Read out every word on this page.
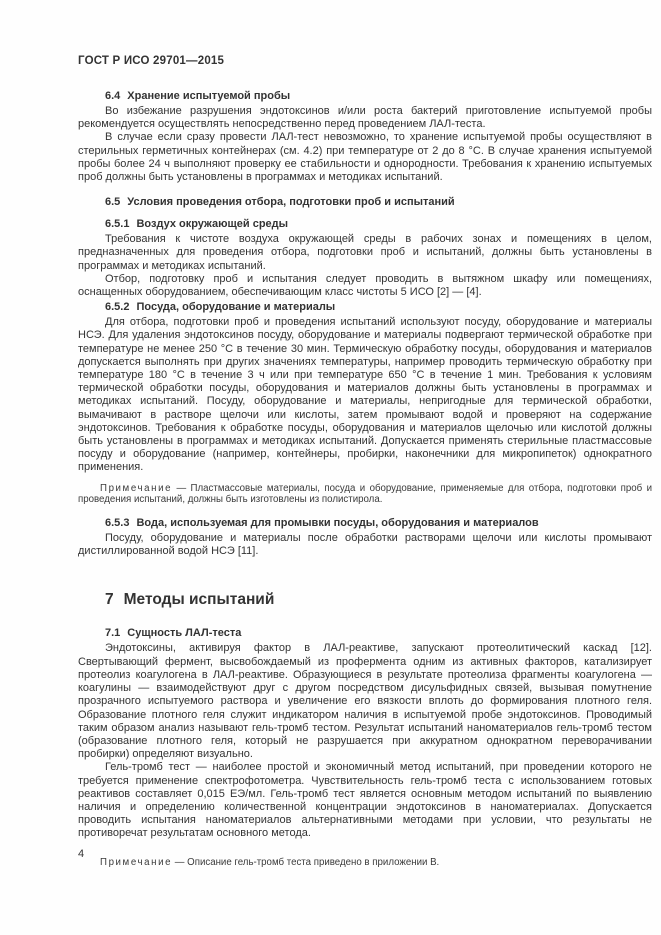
ГОСТ Р ИСО 29701—2015

6.4 Хранение испытуемой пробы

Во избежание разрушения эндотоксинов и/или роста бактерий приготовление испытуемой пробы рекомендуется осуществлять непосредственно перед проведением ЛАЛ-теста.

В случае если сразу провести ЛАЛ-тест невозможно, то хранение испытуемой пробы осуществляют в стерильных герметичных контейнерах (см. 4.2) при температуре от 2 до 8 °С. В случае хранения испытуемой пробы более 24 ч выполняют проверку ее стабильности и однородности. Требования к хранению испытуемых проб должны быть установлены в программах и методиках испытаний.

6.5 Условия проведения отбора, подготовки проб и испытаний
6.5.1 Воздух окружающей среды

Требования к чистоте воздуха окружающей среды в рабочих зонах и помещениях в целом, предназначенных для проведения отбора, подготовки проб и испытаний, должны быть установлены в программах и методиках испытаний.

Отбор, подготовку проб и испытания следует проводить в вытяжном шкафу или помещениях, оснащенных оборудованием, обеспечивающим класс чистоты 5 ИСО [2] — [4].

6.5.2 Посуда, оборудование и материалы

Для отбора, подготовки проб и проведения испытаний используют посуду, оборудование и материалы НСЭ. Для удаления эндотоксинов посуду, оборудование и материалы подвергают термической обработке при температуре не менее 250 °С в течение 30 мин. Термическую обработку посуды, оборудования и материалов допускается выполнять при других значениях температуры, например проводить термическую обработку при температуре 180 °С в течение 3 ч или при температуре 650 °С в течение 1 мин. Требования к условиям термической обработки посуды, оборудования и материалов должны быть установлены в программах и методиках испытаний. Посуду, оборудование и материалы, непригодные для термической обработки, вымачивают в растворе щелочи или кислоты, затем промывают водой и проверяют на содержание эндотоксинов. Требования к обработке посуды, оборудования и материалов щелочью или кислотой должны быть установлены в программах и методиках испытаний. Допускается применять стерильные пластмассовые посуду и оборудование (например, контейнеры, пробирки, наконечники для микропипеток) однократного применения.

Примечание — Пластмассовые материалы, посуда и оборудование, применяемые для отбора, подготовки проб и проведения испытаний, должны быть изготовлены из полистирола.

6.5.3 Вода, используемая для промывки посуды, оборудования и материалов

Посуду, оборудование и материалы после обработки растворами щелочи или кислоты промывают дистиллированной водой НСЭ [11].

7 Методы испытаний
7.1 Сущность ЛАЛ-теста

Эндотоксины, активируя фактор в ЛАЛ-реактиве, запускают протеолитический каскад [12]. Свертывающий фермент, высвобождаемый из профермента одним из активных факторов, катализирует протеолиз коагулогена в ЛАЛ-реактиве. Образующиеся в результате протеолиза фрагменты коагулогена — коагулины — взаимодействуют друг с другом посредством дисульфидных связей, вызывая помутнение прозрачного испытуемого раствора и увеличение его вязкости вплоть до формирования плотного геля. Образование плотного геля служит индикатором наличия в испытуемой пробе эндотоксинов. Проводимый таким образом анализ называют гель-тромб тестом. Результат испытаний наноматериалов гель-тромб тестом (образование плотного геля, который не разрушается при аккуратном однократном переворачивании пробирки) определяют визуально.

Гель-тромб тест — наиболее простой и экономичный метод испытаний, при проведении которого не требуется применение спектрофотометра. Чувствительность гель-тромб теста с использованием готовых реактивов составляет 0,015 ЕЭ/мл. Гель-тромб тест является основным методом испытаний по выявлению наличия и определению количественной концентрации эндотоксинов в наноматериалах. Допускается проводить испытания наноматериалов альтернативными методами при условии, что результаты не противоречат результатам основного метода.

Примечание — Описание гель-тромб теста приведено в приложении В.

4
